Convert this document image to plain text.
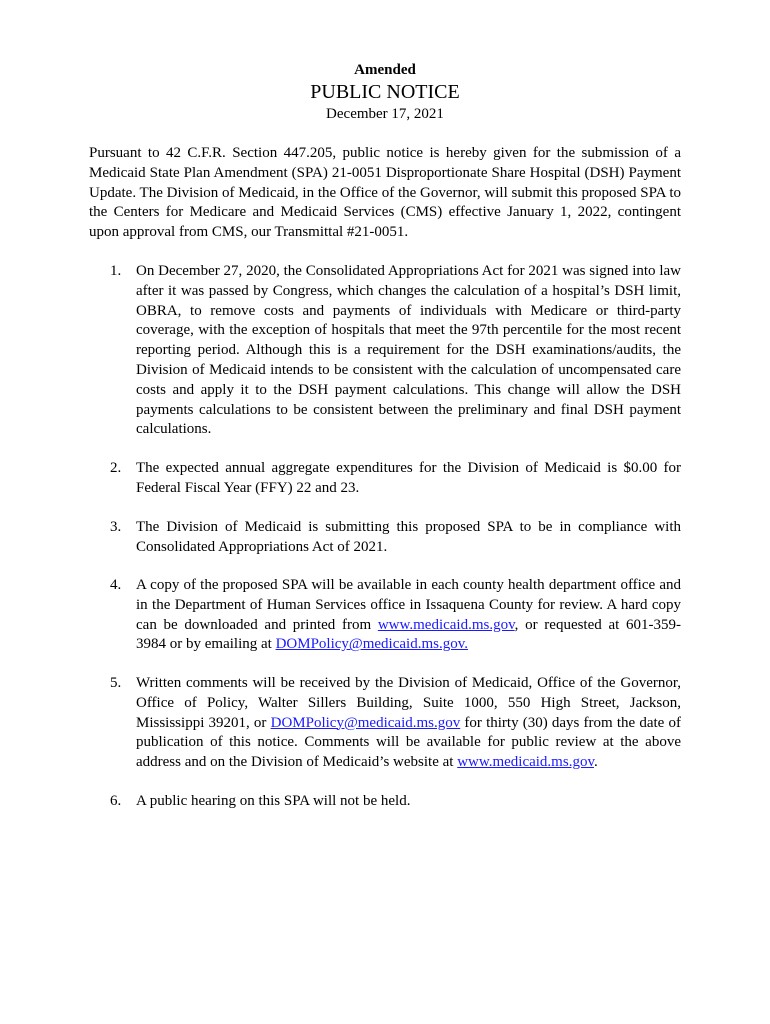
Amended
PUBLIC NOTICE
December 17, 2021
Pursuant to 42 C.F.R. Section 447.205, public notice is hereby given for the submission of a Medicaid State Plan Amendment (SPA) 21-0051 Disproportionate Share Hospital (DSH) Payment Update. The Division of Medicaid, in the Office of the Governor, will submit this proposed SPA to the Centers for Medicare and Medicaid Services (CMS) effective January 1, 2022, contingent upon approval from CMS, our Transmittal #21-0051.
1. On December 27, 2020, the Consolidated Appropriations Act for 2021 was signed into law after it was passed by Congress, which changes the calculation of a hospital’s DSH limit, OBRA, to remove costs and payments of individuals with Medicare or third-party coverage, with the exception of hospitals that meet the 97th percentile for the most recent reporting period. Although this is a requirement for the DSH examinations/audits, the Division of Medicaid intends to be consistent with the calculation of uncompensated care costs and apply it to the DSH payment calculations. This change will allow the DSH payments calculations to be consistent between the preliminary and final DSH payment calculations.
2. The expected annual aggregate expenditures for the Division of Medicaid is $0.00 for Federal Fiscal Year (FFY) 22 and 23.
3. The Division of Medicaid is submitting this proposed SPA to be in compliance with Consolidated Appropriations Act of 2021.
4. A copy of the proposed SPA will be available in each county health department office and in the Department of Human Services office in Issaquena County for review. A hard copy can be downloaded and printed from www.medicaid.ms.gov, or requested at 601-359-3984 or by emailing at DOMPolicy@medicaid.ms.gov.
5. Written comments will be received by the Division of Medicaid, Office of the Governor, Office of Policy, Walter Sillers Building, Suite 1000, 550 High Street, Jackson, Mississippi 39201, or DOMPolicy@medicaid.ms.gov for thirty (30) days from the date of publication of this notice. Comments will be available for public review at the above address and on the Division of Medicaid’s website at www.medicaid.ms.gov.
6. A public hearing on this SPA will not be held.
